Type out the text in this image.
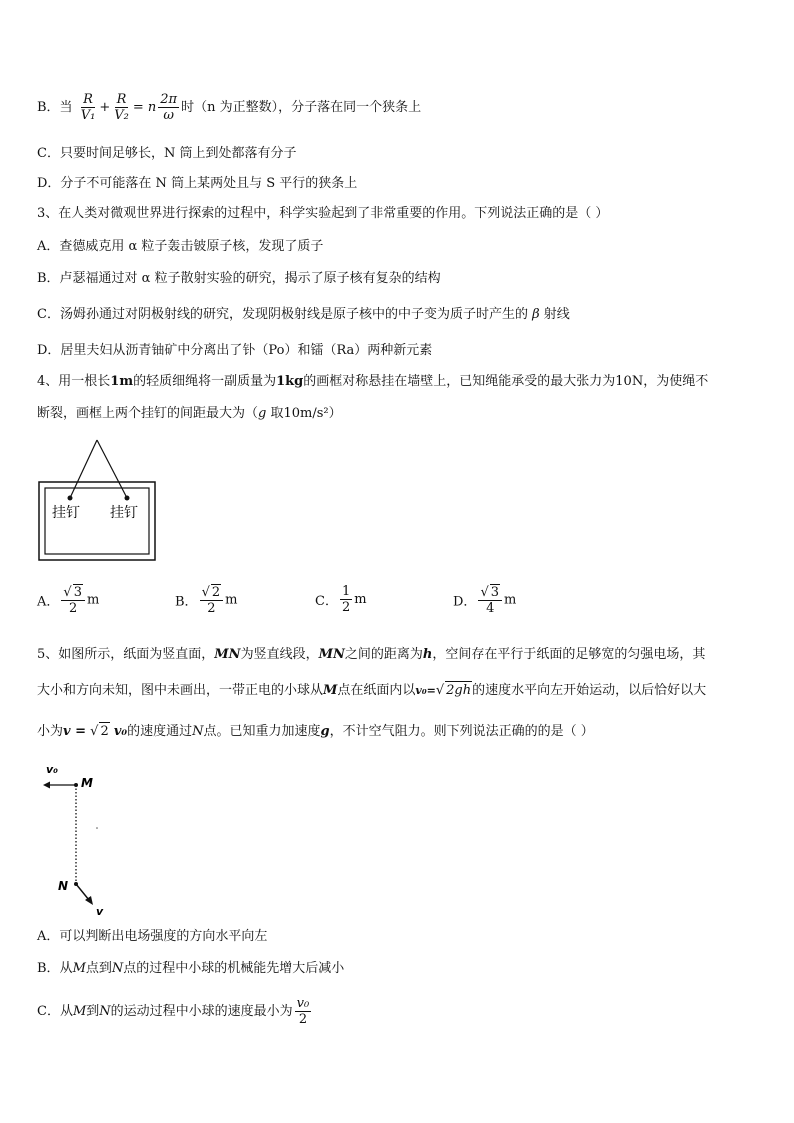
B．当 $\frac{R}{\text{V₁}} + \frac{R}{\text{V₂}} = n \frac{2\pi}{\omega}$ 时（n 为正整数），分子落在同一个狭条上
C．只要时间足够长，N 筒上到处都落有分子
D．分子不可能落在 N 筒上某两处且与 S 平行的狭条上
3、在人类对微观世界进行探索的过程中，科学实验起到了非常重要的作用。下列说法正确的是（ ）
A．查德威克用 α 粒子轰击铍原子核，发现了质子
B．卢瑟福通过对 α 粒子散射实验的研究，揭示了原子核有复杂的结构
C．汤姆孙通过对阴极射线的研究，发现阴极射线是原子核中的中子变为质子时产生的 β 射线
D．居里夫妇从沥青铀矿中分离出了钋（Po）和镭（Ra）两种新元素
4、用一根长1m的轻质细绳将一副质量为1kg的画框对称悬挂在墙壁上，已知绳能承受的最大张力为10N，为使绳不
断裂，画框上两个挂钉的间距最大为（g 取10m/s²）
挂钉 挂钉
A． √ $\frac{3}{2}$ m	B． √ $\frac{2}{2}$ m	C． $\frac{1}{2}$ m	D． √ $\frac{3}{4}$ m
5、如图所示，纸面为竖直面，MN为竖直线段，MN之间的距离为h，空间存在平行于纸面的足够宽的匀强电场，其
大小和方向未知，图中未画出，一带正电的小球从M点在纸面内以v₀= √ 2gh的速度水平向左开始运动，以后恰好以大
小为v = √ 2 v₀的速度通过N点。已知重力加速度g，不计空气阻力。则下列说法正确的的是（ ）
v₀
M
N
v
A．可以判断出电场强度的方向水平向左
B．从M点到N点的过程中小球的机械能先增大后减小
C．从M到N的运动过程中小球的速度最小为 $\frac{\text{v₀}}{2}$
